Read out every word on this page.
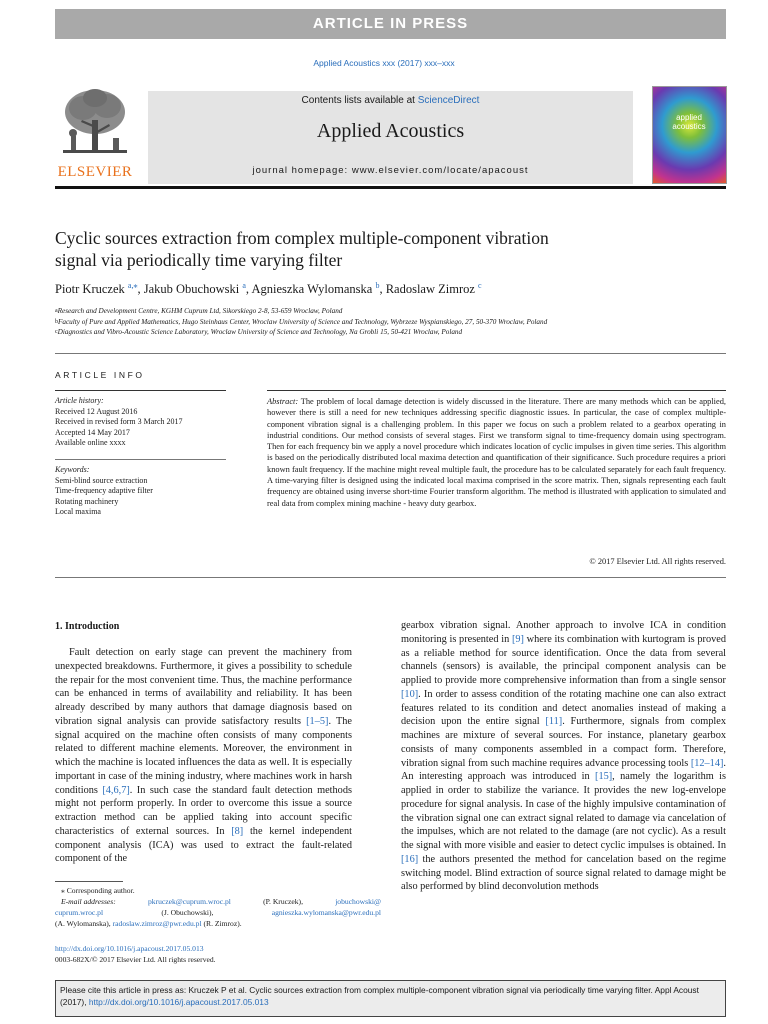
ARTICLE IN PRESS
Applied Acoustics xxx (2017) xxx–xxx
ELSEVIER
Contents lists available at ScienceDirect
Applied Acoustics
journal homepage: www.elsevier.com/locate/apacoust
applied
acoustics
Cyclic sources extraction from complex multiple-component vibration
signal via periodically time varying filter
Piotr Kruczek $^{a,⁎}$, Jakub Obuchowski $^a$, Agnieszka Wylomanska $^b$, Radoslaw Zimroz $^c$
$^a$Research and Development Centre, KGHM Cuprum Ltd, Sikorskiego 2-8, 53-659 Wroclaw, Poland
$^b$Faculty of Pure and Applied Mathematics, Hugo Steinhaus Center, Wroclaw University of Science and Technology, Wybrzeze Wyspianskiego, 27, 50-370 Wroclaw, Poland
$^c$Diagnostics and Vibro-Acoustic Science Laboratory, Wroclaw University of Science and Technology, Na Grobli 15, 50-421 Wroclaw, Poland
ARTICLE INFO
Article history:
Received 12 August 2016
Received in revised form 3 March 2017
Accepted 14 May 2017
Available online xxxx
Keywords:
Semi-blind source extraction
Time-frequency adaptive filter
Rotating machinery
Local maxima
Abstract: The problem of local damage detection is widely discussed in the literature. There are many methods which can be applied, however there is still a need for new techniques addressing specific diagnostic issues. In particular, the case of complex multiple-component vibration signal is a challenging problem. In this paper we focus on such a problem related to a gearbox operating in industrial conditions. Our method consists of several stages. First we transform signal to time-frequency domain using spectrogram. Then for each frequency bin we apply a novel procedure which indicates location of cyclic impulses in given time series. This algorithm is based on the periodically distributed local maxima detection and quantification of their significance. Such procedure requires a priori known fault frequency. If the machine might reveal multiple fault, the procedure has to be calculated separately for each fault frequency. A time-varying filter is designed using the indicated local maxima comprised in the score matrix. Then, signals representing each fault frequency are obtained using inverse short-time Fourier transform algorithm. The method is illustrated with application to simulated and real data from complex mining machine - heavy duty gearbox.
© 2017 Elsevier Ltd. All rights reserved.
1. Introduction

Fault detection on early stage can prevent the machinery from unexpected breakdowns. Furthermore, it gives a possibility to schedule the repair for the most convenient time. Thus, the machine performance can be enhanced in terms of availability and reliability. It has been already described by many authors that damage diagnosis based on vibration signal analysis can provide satisfactory results [1–5]. The signal acquired on the machine often consists of many components related to different machine elements. Moreover, the environment in which the machine is located influences the data as well. It is especially important in case of the mining industry, where machines work in harsh conditions [4,6,7]. In such case the standard fault detection methods might not perform properly. In order to overcome this issue a source extraction method can be applied taking into account specific characteristics of external sources. In [8] the kernel independent component analysis (ICA) was used to extract the fault-related component of the

gearbox vibration signal. Another approach to involve ICA in condition monitoring is presented in [9] where its combination with kurtogram is proved as a reliable method for source identification. Once the data from several channels (sensors) is available, the principal component analysis can be applied to provide more comprehensive information than from a single sensor [10]. In order to assess condition of the rotating machine one can also extract features related to its condition and detect anomalies instead of making a decision upon the entire signal [11]. Furthermore, signals from complex machines are mixture of several sources. For instance, planetary gearbox consists of many components assembled in a compact form. Therefore, vibration signal from such machine requires advance processing tools [12–14]. An interesting approach was introduced in [15], namely the logarithm is applied in order to stabilize the variance. It provides the new log-envelope procedure for signal analysis. In case of the highly impulsive contamination of the vibration signal one can extract signal related to damage via cancelation of the impulses, which are not related to the damage (are not cyclic). As a result the signal with more visible and easier to detect cyclic impulses is obtained. In [16] the authors presented the method for cancelation based on the regime switching model. Blind extraction of source signal related to damage might be also performed by blind deconvolution methods

⁎ Corresponding author.
E-mail addresses:	pkruczek@cuprum.wroc.pl	(P. Kruczek),	jobuchowski@
cuprum.wroc.pl	(J. Obuchowski),	agnieszka.wylomanska@pwr.edu.pl
(A. Wylomanska), radoslaw.zimroz@pwr.edu.pl (R. Zimroz).
http://dx.doi.org/10.1016/j.apacoust.2017.05.013
0003-682X/© 2017 Elsevier Ltd. All rights reserved.
Please cite this article in press as: Kruczek P et al. Cyclic sources extraction from complex multiple-component vibration signal via periodically time varying filter. Appl Acoust (2017), http://dx.doi.org/10.1016/j.apacoust.2017.05.013
